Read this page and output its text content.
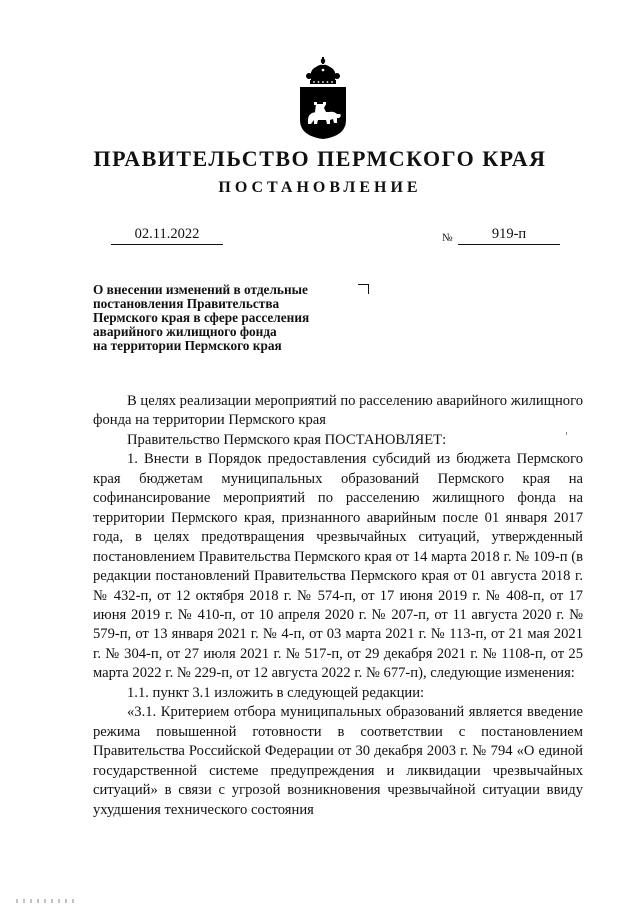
ПРАВИТЕЛЬСТВО ПЕРМСКОГО КРАЯ
ПОСТАНОВЛЕНИЕ
02.11.2022	№	919-п
О внесении изменений в отдельные
постановления Правительства
Пермского края в сфере расселения
аварийного жилищного фонда
на территории Пермского края

В целях реализации мероприятий по расселению аварийного жилищного фонда на территории Пермского края

Правительство Пермского края ПОСТАНОВЛЯЕТ:

1. Внести в Порядок предоставления субсидий из бюджета Пермского края бюджетам муниципальных образований Пермского края на софинансирование мероприятий по расселению жилищного фонда на территории Пермского края, признанного аварийным после 01 января 2017 года, в целях предотвращения чрезвычайных ситуаций, утвержденный постановлением Правительства Пермского края от 14 марта 2018 г. № 109-п (в редакции постановлений Правительства Пермского края от 01 августа 2018 г. № 432-п, от 12 октября 2018 г. № 574-п, от 17 июня 2019 г. № 408-п, от 17 июня 2019 г. № 410-п, от 10 апреля 2020 г. № 207-п, от 11 августа 2020 г. № 579-п, от 13 января 2021 г. № 4-п, от 03 марта 2021 г. № 113-п, от 21 мая 2021 г. № 304-п, от 27 июля 2021 г. № 517-п, от 29 декабря 2021 г. № 1108-п, от 25 марта 2022 г. № 229-п, от 12 августа 2022 г. № 677-п), следующие изменения:

1.1. пункт 3.1 изложить в следующей редакции:

«3.1. Критерием отбора муниципальных образований является введение режима повышенной готовности в соответствии с постановлением Правительства Российской Федерации от 30 декабря 2003 г. № 794 «О единой государственной системе предупреждения и ликвидации чрезвычайных ситуаций» в связи с угрозой возникновения чрезвычайной ситуации ввиду ухудшения технического состояния
